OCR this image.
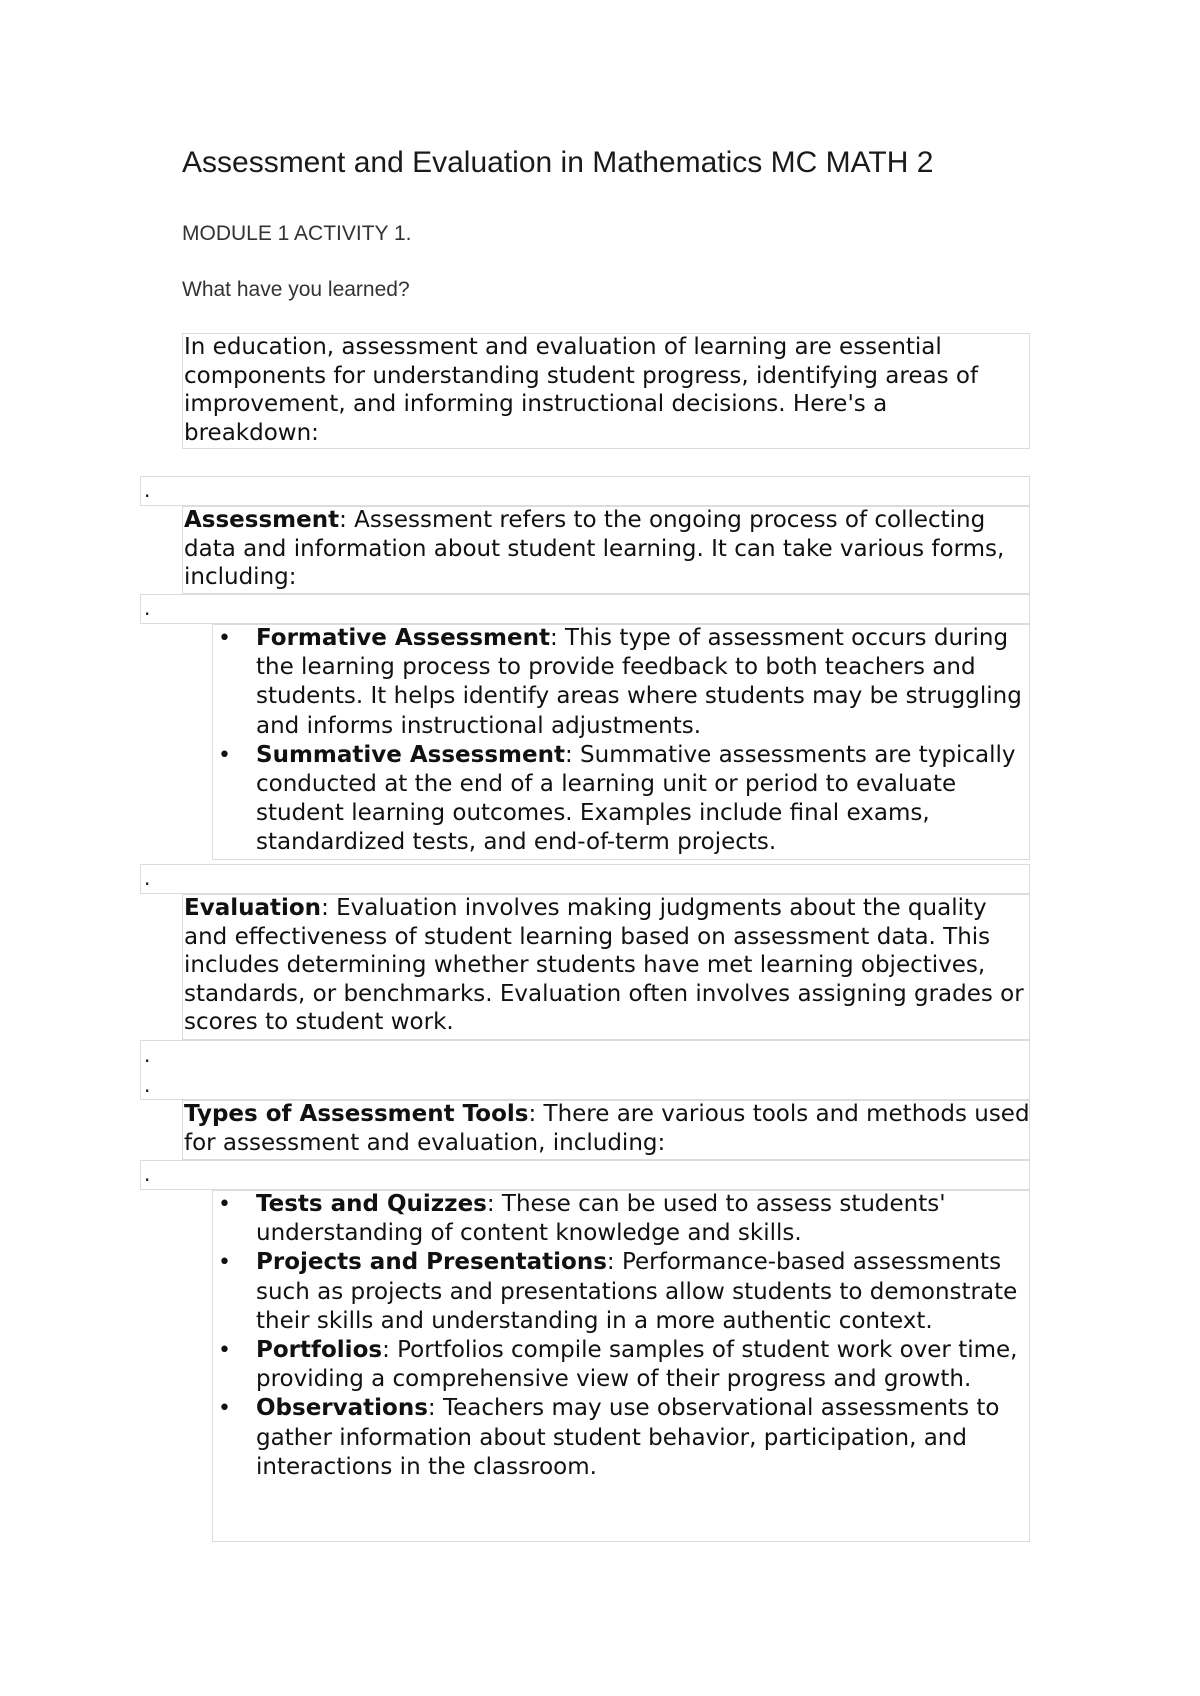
Assessment and Evaluation in Mathematics MC MATH 2
MODULE 1 ACTIVITY 1.
What have you learned?
In education, assessment and evaluation of learning are essential components for understanding student progress, identifying areas of improvement, and informing instructional decisions. Here's a breakdown:
.
Assessment: Assessment refers to the ongoing process of collecting data and information about student learning. It can take various forms, including:
.
• Formative Assessment: This type of assessment occurs during the learning process to provide feedback to both teachers and students. It helps identify areas where students may be struggling and informs instructional adjustments.
• Summative Assessment: Summative assessments are typically conducted at the end of a learning unit or period to evaluate student learning outcomes. Examples include final exams, standardized tests, and end-of-term projects.
.
Evaluation: Evaluation involves making judgments about the quality and effectiveness of student learning based on assessment data. This includes determining whether students have met learning objectives, standards, or benchmarks. Evaluation often involves assigning grades or scores to student work.
.
.
Types of Assessment Tools: There are various tools and methods used for assessment and evaluation, including:
.
• Tests and Quizzes: These can be used to assess students' understanding of content knowledge and skills.
• Projects and Presentations: Performance-based assessments such as projects and presentations allow students to demonstrate their skills and understanding in a more authentic context.
• Portfolios: Portfolios compile samples of student work over time, providing a comprehensive view of their progress and growth.
• Observations: Teachers may use observational assessments to gather information about student behavior, participation, and interactions in the classroom.
